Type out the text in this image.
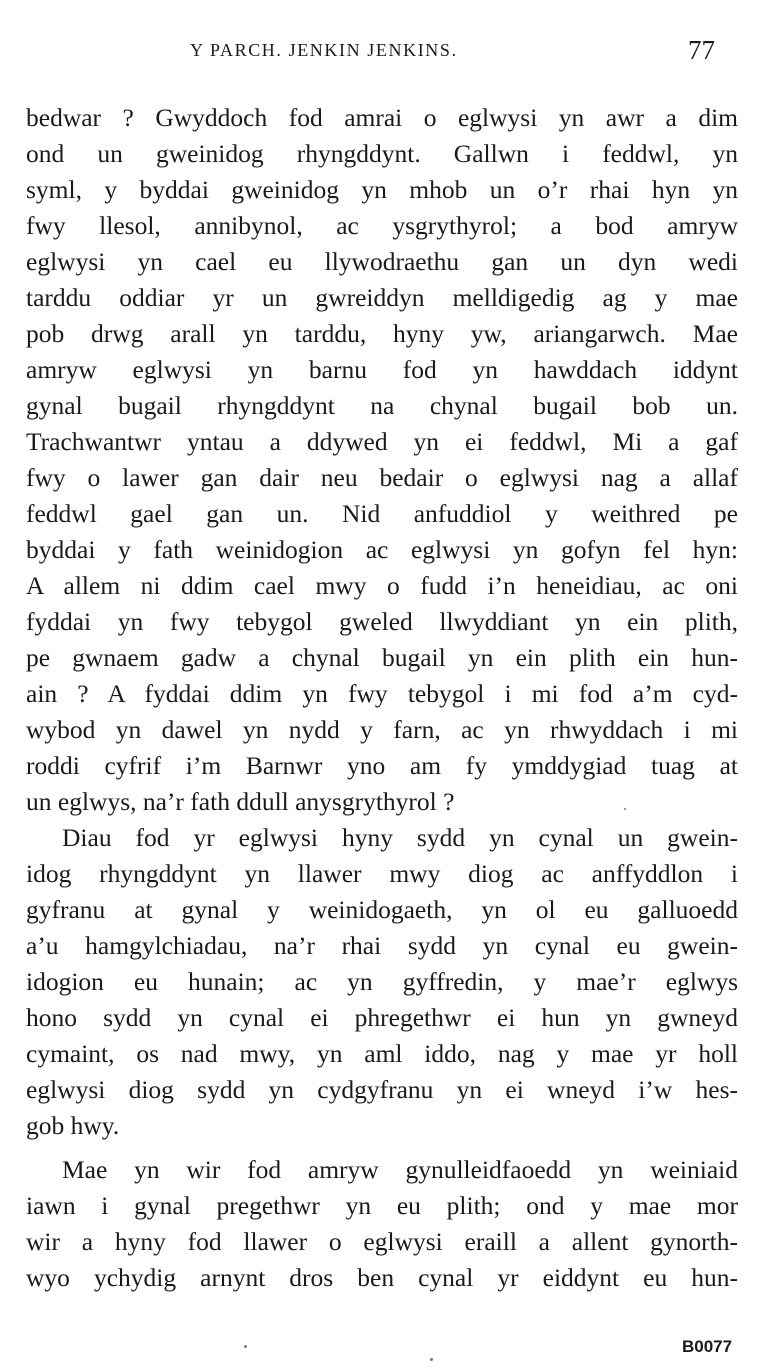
Y PARCH. JENKIN JENKINS.	77
bedwar ? Gwyddoch fod amrai o eglwysi yn awr a dim
ond un gweinidog rhyngddynt. Gallwn i feddwl, yn
syml, y byddai gweinidog yn mhob un o’r rhai hyn yn
fwy llesol, annibynol, ac ysgrythyrol; a bod amryw
eglwysi yn cael eu llywodraethu gan un dyn wedi
tarddu oddiar yr un gwreiddyn melldigedig ag y mae
pob drwg arall yn tarddu, hyny yw, ariangarwch. Mae
amryw eglwysi yn barnu fod yn hawddach iddynt
gynal bugail rhyngddynt na chynal bugail bob un.
Trachwantwr yntau a ddywed yn ei feddwl, Mi a gaf
fwy o lawer gan dair neu bedair o eglwysi nag a allaf
feddwl gael gan un. Nid anfuddiol y weithred pe
byddai y fath weinidogion ac eglwysi yn gofyn fel hyn:
A allem ni ddim cael mwy o fudd i’n heneidiau, ac oni
fyddai yn fwy tebygol gweled llwyddiant yn ein plith,
pe gwnaem gadw a chynal bugail yn ein plith ein hun-
ain ? A fyddai ddim yn fwy tebygol i mi fod a’m cyd-
wybod yn dawel yn nydd y farn, ac yn rhwyddach i mi
roddi cyfrif i’m Barnwr yno am fy ymddygiad tuag at
un eglwys, na’r fath ddull anysgrythyrol ?
Diau fod yr eglwysi hyny sydd yn cynal un gwein-
idog rhyngddynt yn llawer mwy diog ac anffyddlon i
gyfranu at gynal y weinidogaeth, yn ol eu galluoedd
a’u hamgylchiadau, na’r rhai sydd yn cynal eu gwein-
idogion eu hunain; ac yn gyffredin, y mae’r eglwys
hono sydd yn cynal ei phregethwr ei hun yn gwneyd
cymaint, os nad mwy, yn aml iddo, nag y mae yr holl
eglwysi diog sydd yn cydgyfranu yn ei wneyd i’w hes-
gob hwy.
Mae yn wir fod amryw gynulleidfaoedd yn weiniaid
iawn i gynal pregethwr yn eu plith; ond y mae mor
wir a hyny fod llawer o eglwysi eraill a allent gynorth-
wyo ychydig arnynt dros ben cynal yr eiddynt eu hun-
B0077
